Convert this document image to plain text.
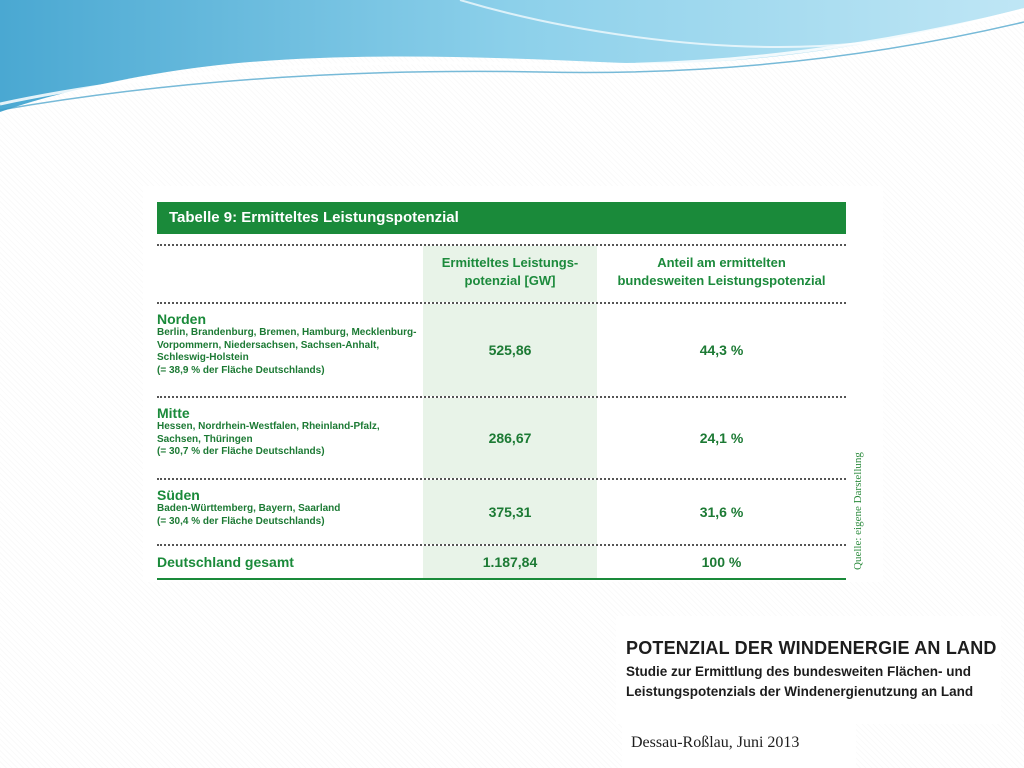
Tabelle 9: Ermitteltes Leistungspotenzial
Ermitteltes Leistungs-
potenzial [GW]
Anteil am ermittelten
bundesweiten Leistungspotenzial
Norden
Berlin, Brandenburg, Bremen, Hamburg, Mecklenburg-Vorpommern, Niedersachsen, Sachsen-Anhalt, Schleswig-Holstein
(= 38,9 % der Fläche Deutschlands)
525,86	44,3 %
Mitte
Hessen, Nordrhein-Westfalen, Rheinland-Pfalz, Sachsen, Thüringen
(= 30,7 % der Fläche Deutschlands)
286,67	24,1 %
Süden
Baden-Württemberg, Bayern, Saarland
(= 30,4 % der Fläche Deutschlands)
375,31	31,6 %
Deutschland gesamt	1.187,84	100 %	Quelle: eigene Darstellung
POTENZIAL DER WINDENERGIE AN LAND
Studie zur Ermittlung des bundesweiten Flächen- und Leistungspotenzials der Windenergienutzung an Land
Dessau-Roßlau, Juni 2013
